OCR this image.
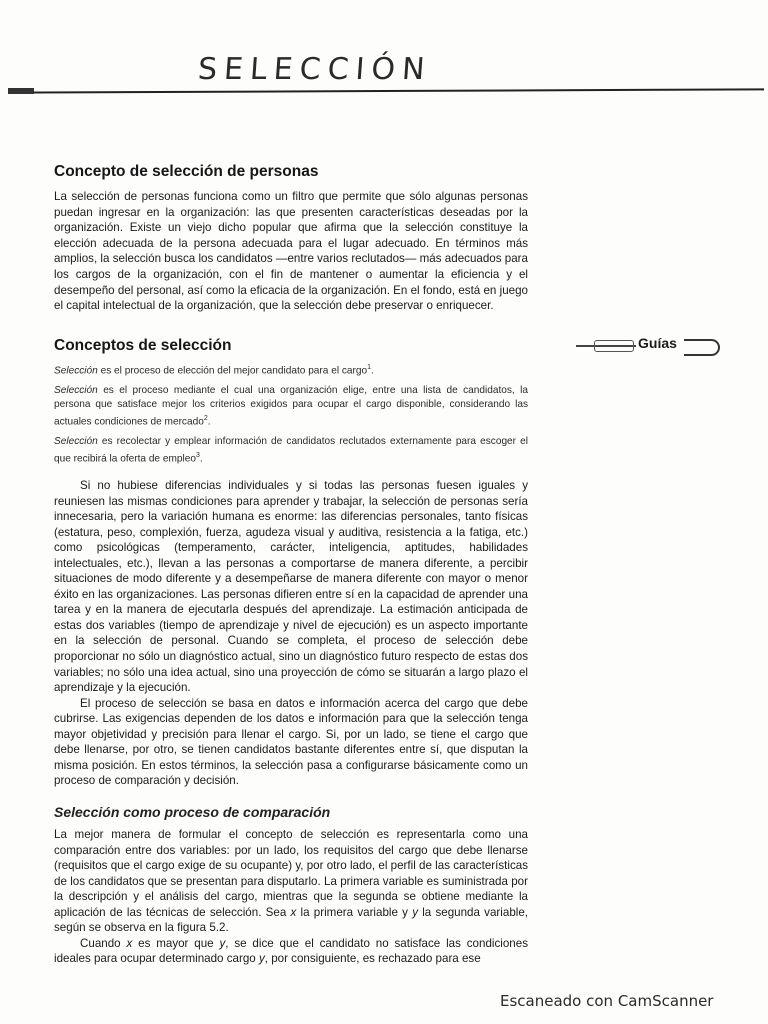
SELECCIÓN
Concepto de selección de personas

La selección de personas funciona como un filtro que permite que sólo algunas personas puedan ingresar en la organización: las que presenten características deseadas por la organización. Existe un viejo dicho popular que afirma que la selección constituye la elección adecuada de la persona adecuada para el lugar adecuado. En términos más amplios, la selección busca los candidatos —entre varios reclutados— más adecuados para los cargos de la organización, con el fin de mantener o aumentar la eficiencia y el desempeño del personal, así como la eficacia de la organización. En el fondo, está en juego el capital intelectual de la organización, que la selección debe preservar o enriquecer.

Conceptos de selección	Guías

Selección es el proceso de elección del mejor candidato para el cargo$^1$.

Selección es el proceso mediante el cual una organización elige, entre una lista de candidatos, la persona que satisface mejor los criterios exigidos para ocupar el cargo disponible, considerando las actuales condiciones de mercado$^2$.

Selección es recolectar y emplear información de candidatos reclutados externamente para escoger el que recibirá la oferta de empleo$^3$.

Si no hubiese diferencias individuales y si todas las personas fuesen iguales y reuniesen las mismas condiciones para aprender y trabajar, la selección de personas sería innecesaria, pero la variación humana es enorme: las diferencias personales, tanto físicas (estatura, peso, complexión, fuerza, agudeza visual y auditiva, resistencia a la fatiga, etc.) como psicológicas (temperamento, carácter, inteligencia, aptitudes, habilidades intelectuales, etc.), llevan a las personas a comportarse de manera diferente, a percibir situaciones de modo diferente y a desempeñarse de manera diferente con mayor o menor éxito en las organizaciones. Las personas difieren entre sí en la capacidad de aprender una tarea y en la manera de ejecutarla después del aprendizaje. La estimación anticipada de estas dos variables (tiempo de aprendizaje y nivel de ejecución) es un aspecto importante en la selección de personal. Cuando se completa, el proceso de selección debe proporcionar no sólo un diagnóstico actual, sino un diagnóstico futuro respecto de estas dos variables; no sólo una idea actual, sino una proyección de cómo se situarán a largo plazo el aprendizaje y la ejecución.

El proceso de selección se basa en datos e información acerca del cargo que debe cubrirse. Las exigencias dependen de los datos e información para que la selección tenga mayor objetividad y precisión para llenar el cargo. Si, por un lado, se tiene el cargo que debe llenarse, por otro, se tienen candidatos bastante diferentes entre sí, que disputan la misma posición. En estos términos, la selección pasa a configurarse básicamente como un proceso de comparación y decisión.

Selección como proceso de comparación

La mejor manera de formular el concepto de selección es representarla como una comparación entre dos variables: por un lado, los requisitos del cargo que debe llenarse (requisitos que el cargo exige de su ocupante) y, por otro lado, el perfil de las características de los candidatos que se presentan para disputarlo. La primera variable es suministrada por la descripción y el análisis del cargo, mientras que la segunda se obtiene mediante la aplicación de las técnicas de selección. Sea x la primera variable y y la segunda variable, según se observa en la figura 5.2.

Cuando x es mayor que y, se dice que el candidato no satisface las condiciones ideales para ocupar determinado cargo y, por consiguiente, es rechazado para ese

Escaneado con CamScanner
